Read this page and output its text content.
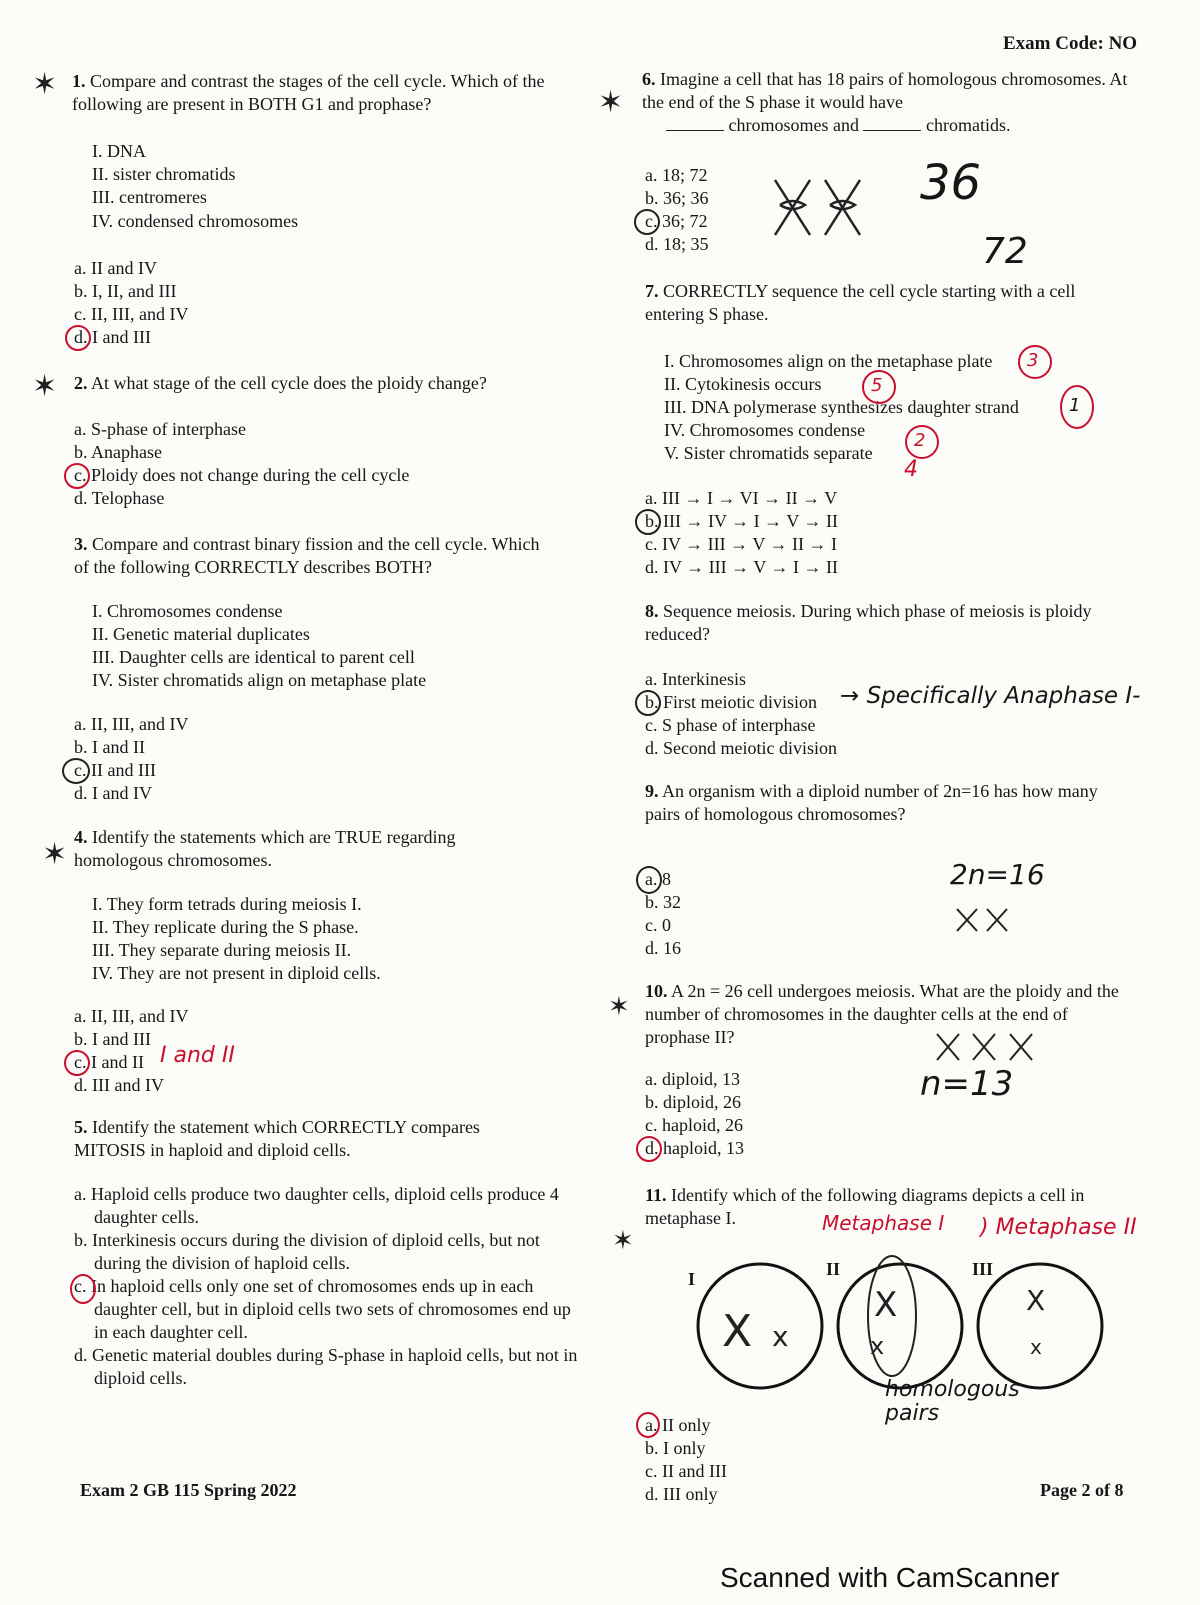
Exam Code: NO
✶ 1. Compare and contrast the stages of the cell cycle. Which of the following are present in BOTH G1 and prophase?
I. DNA
II. sister chromatids
III. centromeres
IV. condensed chromosomes
a. II and IV
b. I, II, and III
c. II, III, and IV
d. I and III
✶ 2. At what stage of the cell cycle does the ploidy change?
a. S-phase of interphase
b. Anaphase
c. Ploidy does not change during the cell cycle
d. Telophase
3. Compare and contrast binary fission and the cell cycle. Which of the following CORRECTLY describes BOTH?
I. Chromosomes condense
II. Genetic material duplicates
III. Daughter cells are identical to parent cell
IV. Sister chromatids align on metaphase plate
a. II, III, and IV
b. I and II
c. II and III
d. I and IV
✶
4. Identify the statements which are TRUE regarding homologous chromosomes.
I. They form tetrads during meiosis I.
II. They replicate during the S phase.
III. They separate during meiosis II.
IV. They are not present in diploid cells.
a. II, III, and IV
b. I and III
c. I and II
d. III and IV
I and II
5. Identify the statement which CORRECTLY compares MITOSIS in haploid and diploid cells.
a. Haploid cells produce two daughter cells, diploid cells produce 4 daughter cells.
b. Interkinesis occurs during the division of diploid cells, but not during the division of haploid cells.
c. In haploid cells only one set of chromosomes ends up in each daughter cell, but in diploid cells two sets of chromosomes end up in each daughter cell.
d. Genetic material doubles during S-phase in haploid cells, but not in diploid cells.
Exam 2 GB 115 Spring 2022	Page 2 of 8
✶
6. Imagine a cell that has 18 pairs of homologous chromosomes. At the end of the S phase it would have
chromosomes and	chromatids.
a. 18; 72
b. 36; 36
c. 36; 72
d. 18; 35
36
72
7. CORRECTLY sequence the cell cycle starting with a cell entering S phase.
I. Chromosomes align on the metaphase plate
II. Cytokinesis occurs
III. DNA polymerase synthesizes daughter strand
IV. Chromosomes condense
V. Sister chromatids separate
3
5
1
2
4
a. III → I → VI → II → V
b. III → IV → I → V → II
c. IV → III → V → II → I
d. IV → III → V → I → II
8. Sequence meiosis. During which phase of meiosis is ploidy reduced?
a. Interkinesis
b. First meiotic division
c. S phase of interphase
d. Second meiotic division
→ Specifically Anaphase I-
9. An organism with a diploid number of 2n=16 has how many pairs of homologous chromosomes?
a. 8
b. 32
c. 0
d. 16
2n=16
✶
10. A 2n = 26 cell undergoes meiosis. What are the ploidy and the number of chromosomes in the daughter cells at the end of prophase II?
a. diploid, 13
b. diploid, 26
c. haploid, 26
d. haploid, 13
n=13
✶
11. Identify which of the following diagrams depicts a cell in metaphase I.	Metaphase I ) Metaphase II
I	II	III
X x
X
x
X
x
homologous pairs
a. II only
b. I only
c. II and III
d. III only
Scanned with CamScanner
